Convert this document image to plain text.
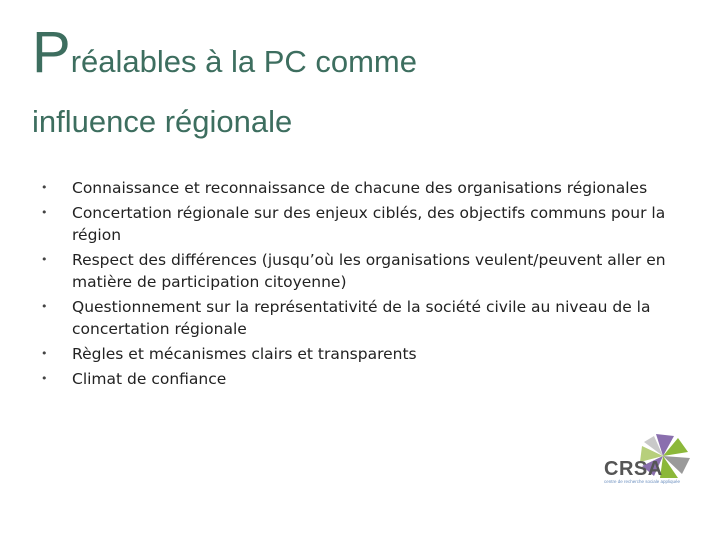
Préalables à la PC comme
influence régionale
• Connaissance et reconnaissance de chacune des organisations régionales
• Concertation régionale sur des enjeux ciblés, des objectifs communs pour la région
• Respect des différences (jusqu’où les organisations veulent/peuvent aller en matière de participation citoyenne)
• Questionnement sur la représentativité de la société civile au niveau de la concertation régionale
• Règles et mécanismes clairs et transparents
• Climat de confiance
CRSA
centre de recherche sociale appliquée
